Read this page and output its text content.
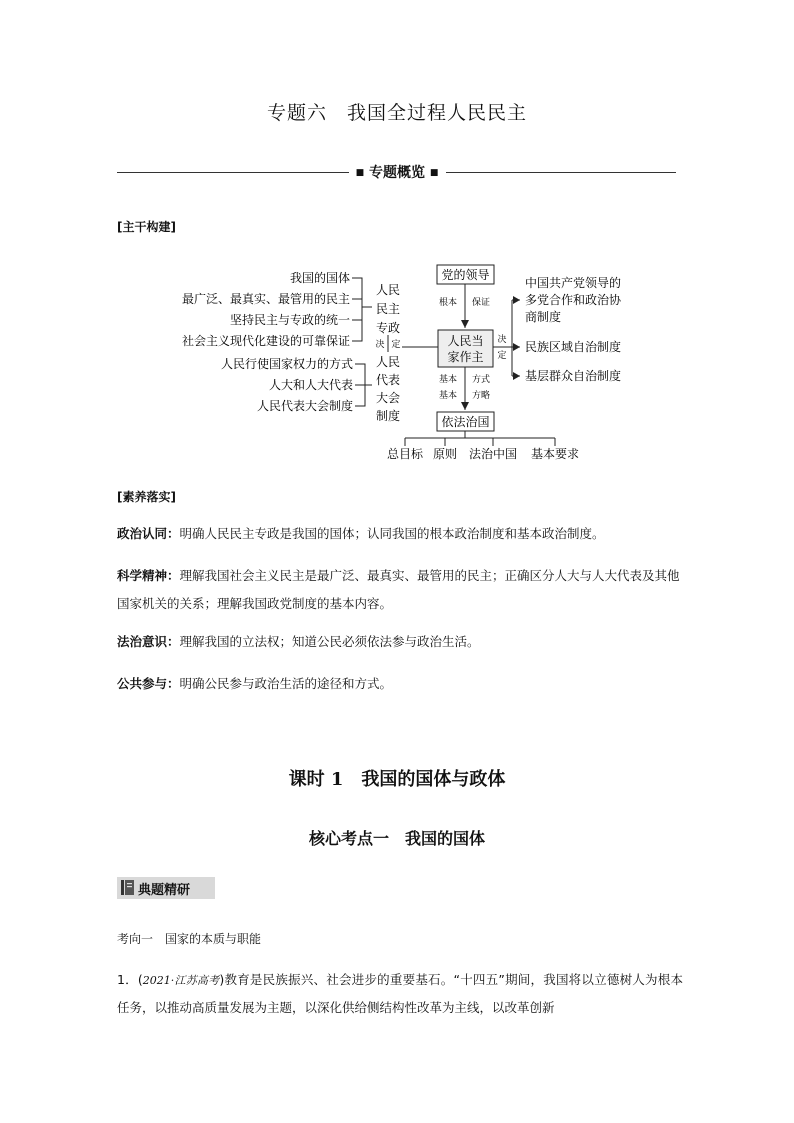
专题六　我国全过程人民民主
■ 专题概览 ■
[主干构建]
我国的国体
最广泛、最真实、最管用的民主
坚持民主与专政的统一
社会主义现代化建设的可靠保证
人民行使国家权力的方式
人大和人大代表
人民代表大会制度
人民
民主
专政
决 定
人民
代表
大会
制度
党的领导
人民当
家作主
依法治国
根本 保证
基本 方式
基本 方略
决
定
中国共产党领导的
多党合作和政治协
商制度
民族区域自治制度
基层群众自治制度
总目标 原则 法治中国 基本要求
[素养落实]
政治认同：明确人民民主专政是我国的国体；认同我国的根本政治制度和基本政治制度。
科学精神：理解我国社会主义民主是最广泛、最真实、最管用的民主；正确区分人大与人大代表及其他国家机关的关系；理解我国政党制度的基本内容。
法治意识：理解我国的立法权；知道公民必须依法参与政治生活。
公共参与：明确公民参与政治生活的途径和方式。
课时 1　我国的国体与政体
核心考点一　我国的国体
典题精研
考向一　国家的本质与职能
1．(2021·江苏高考)教育是民族振兴、社会进步的重要基石。“十四五”期间，我国将以立德树人为根本任务，以推动高质量发展为主题，以深化供给侧结构性改革为主线，以改革创新
